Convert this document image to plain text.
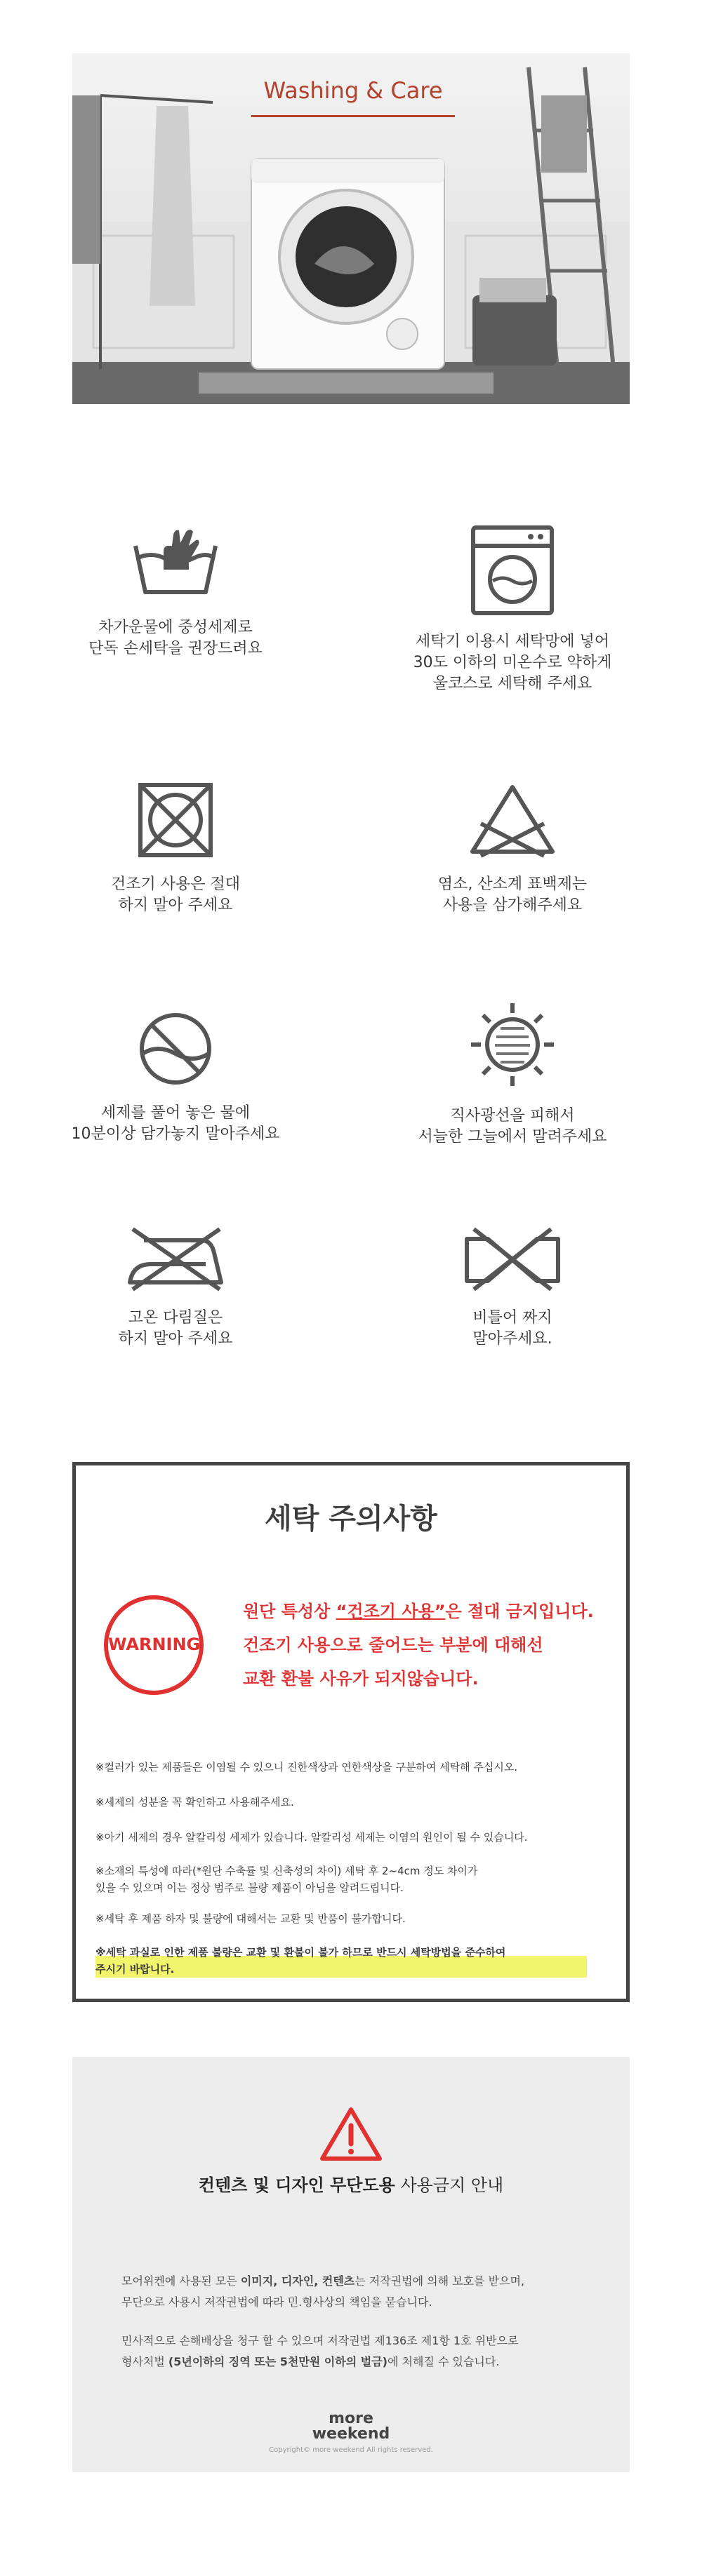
Washing & Care
차가운물에 중성세제로
단독 손세탁을 권장드려요	세탁기 이용시 세탁망에 넣어
30도 이하의 미온수로 약하게
울코스로 세탁해 주세요
건조기 사용은 절대
하지 말아 주세요
염소, 산소계 표백제는
사용을 삼가해주세요
세제를 풀어 놓은 물에
10분이상 담가놓지 말아주세요
직사광선을 피해서
서늘한 그늘에서 말려주세요
고온 다림질은
하지 말아 주세요
비틀어 짜지
말아주세요.
세탁 주의사항
WARNING
원단 특성상 “건조기 사용”은 절대 금지입니다.
건조기 사용으로 줄어드는 부분에 대해선
교환 환불 사유가 되지않습니다.
※컬러가 있는 제품들은 이염될 수 있으니 진한색상과 연한색상을 구분하여 세탁해 주십시오.
※세제의 성분을 꼭 확인하고 사용해주세요.
※아기 세제의 경우 알칼리성 세제가 있습니다. 알칼리성 세제는 이염의 원인이 될 수 있습니다.
※소재의 특성에 따라(*원단 수축률 및 신축성의 차이) 세탁 후 2~4cm 정도 차이가
있을 수 있으며 이는 정상 범주로 불량 제품이 아님을 알려드립니다.
※세탁 후 제품 하자 및 불량에 대해서는 교환 및 반품이 불가합니다.
※세탁 과실로 인한 제품 불량은 교환 및 환불이 불가 하므로 반드시 세탁방법을 준수하여
주시기 바랍니다.
컨텐츠 및 디자인 무단도용 사용금지 안내
모어위켄에 사용된 모든 이미지, 디자인, 컨텐츠는 저작권법에 의해 보호를 받으며,
무단으로 사용시 저작권법에 따라 민.형사상의 책임을 묻습니다.
민사적으로 손해배상을 청구 할 수 있으며 저작권법 제136조 제1항 1호 위반으로
형사처벌 (5년이하의 징역 또는 5천만원 이하의 벌금)에 처해질 수 있습니다.
more
weekend
Copyright© more weekend All rights reserved.
